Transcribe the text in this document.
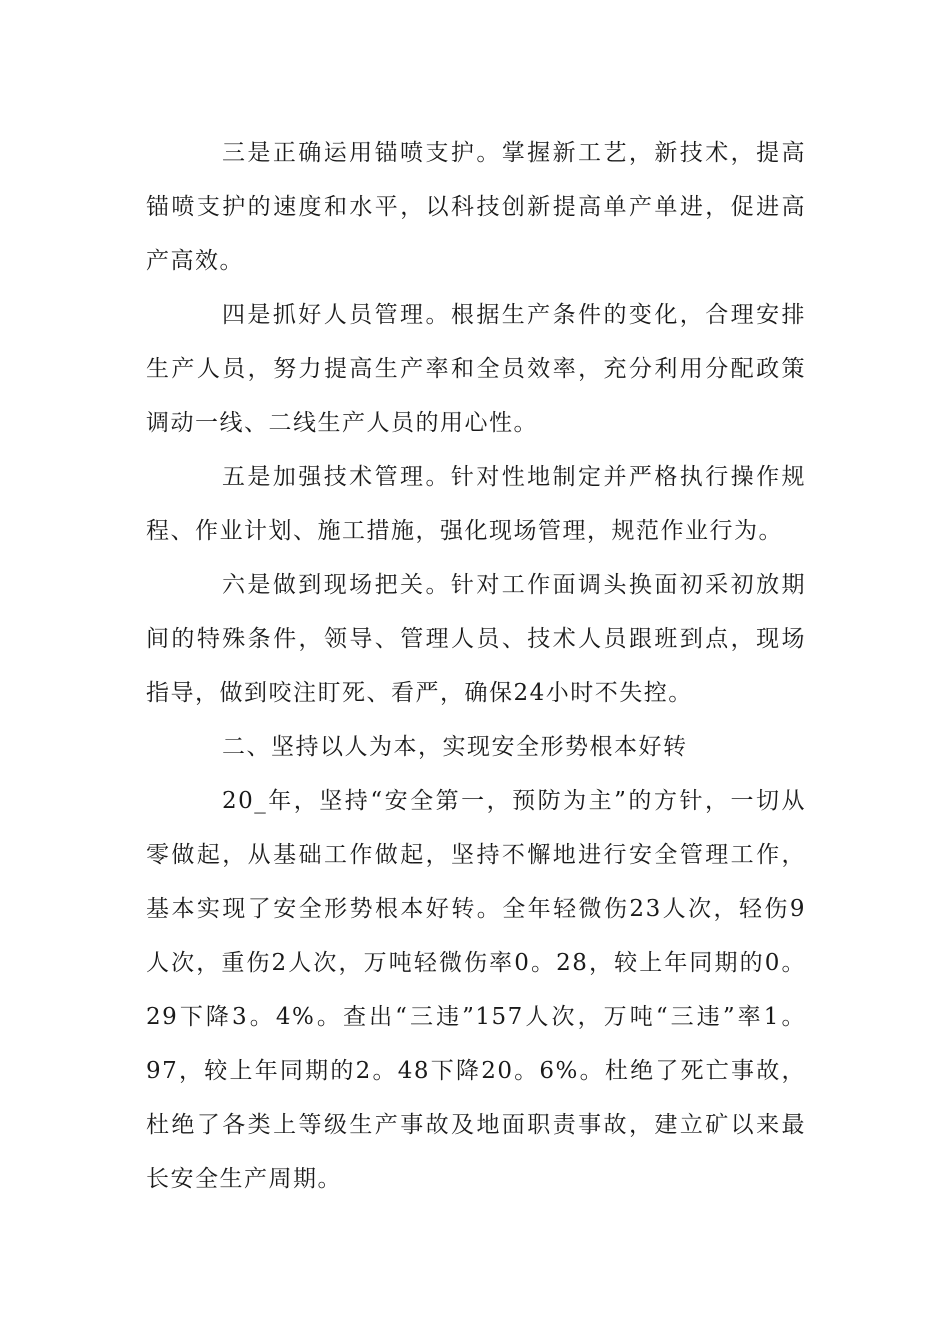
三是正确运用锚喷支护。掌握新工艺，新技术，提高锚喷支护的速度和水平，以科技创新提高单产单进，促进高产高效。

四是抓好人员管理。根据生产条件的变化，合理安排生产人员，努力提高生产率和全员效率，充分利用分配政策调动一线、二线生产人员的用心性。

五是加强技术管理。针对性地制定并严格执行操作规程、作业计划、施工措施，强化现场管理，规范作业行为。

六是做到现场把关。针对工作面调头换面初采初放期间的特殊条件，领导、管理人员、技术人员跟班到点，现场指导，做到咬注盯死、看严，确保24小时不失控。

二、坚持以人为本，实现安全形势根本好转

20_年，坚持“安全第一，预防为主”的方针，一切从零做起，从基础工作做起，坚持不懈地进行安全管理工作，基本实现了安全形势根本好转。全年轻微伤23人次，轻伤9人次，重伤2人次，万吨轻微伤率0。28，较上年同期的0。29下降3。4%。查出“三违”157人次，万吨“三违”率1。97，较上年同期的2。48下降20。6%。杜绝了死亡事故，杜绝了各类上等级生产事故及地面职责事故，建立矿以来最长安全生产周期。
